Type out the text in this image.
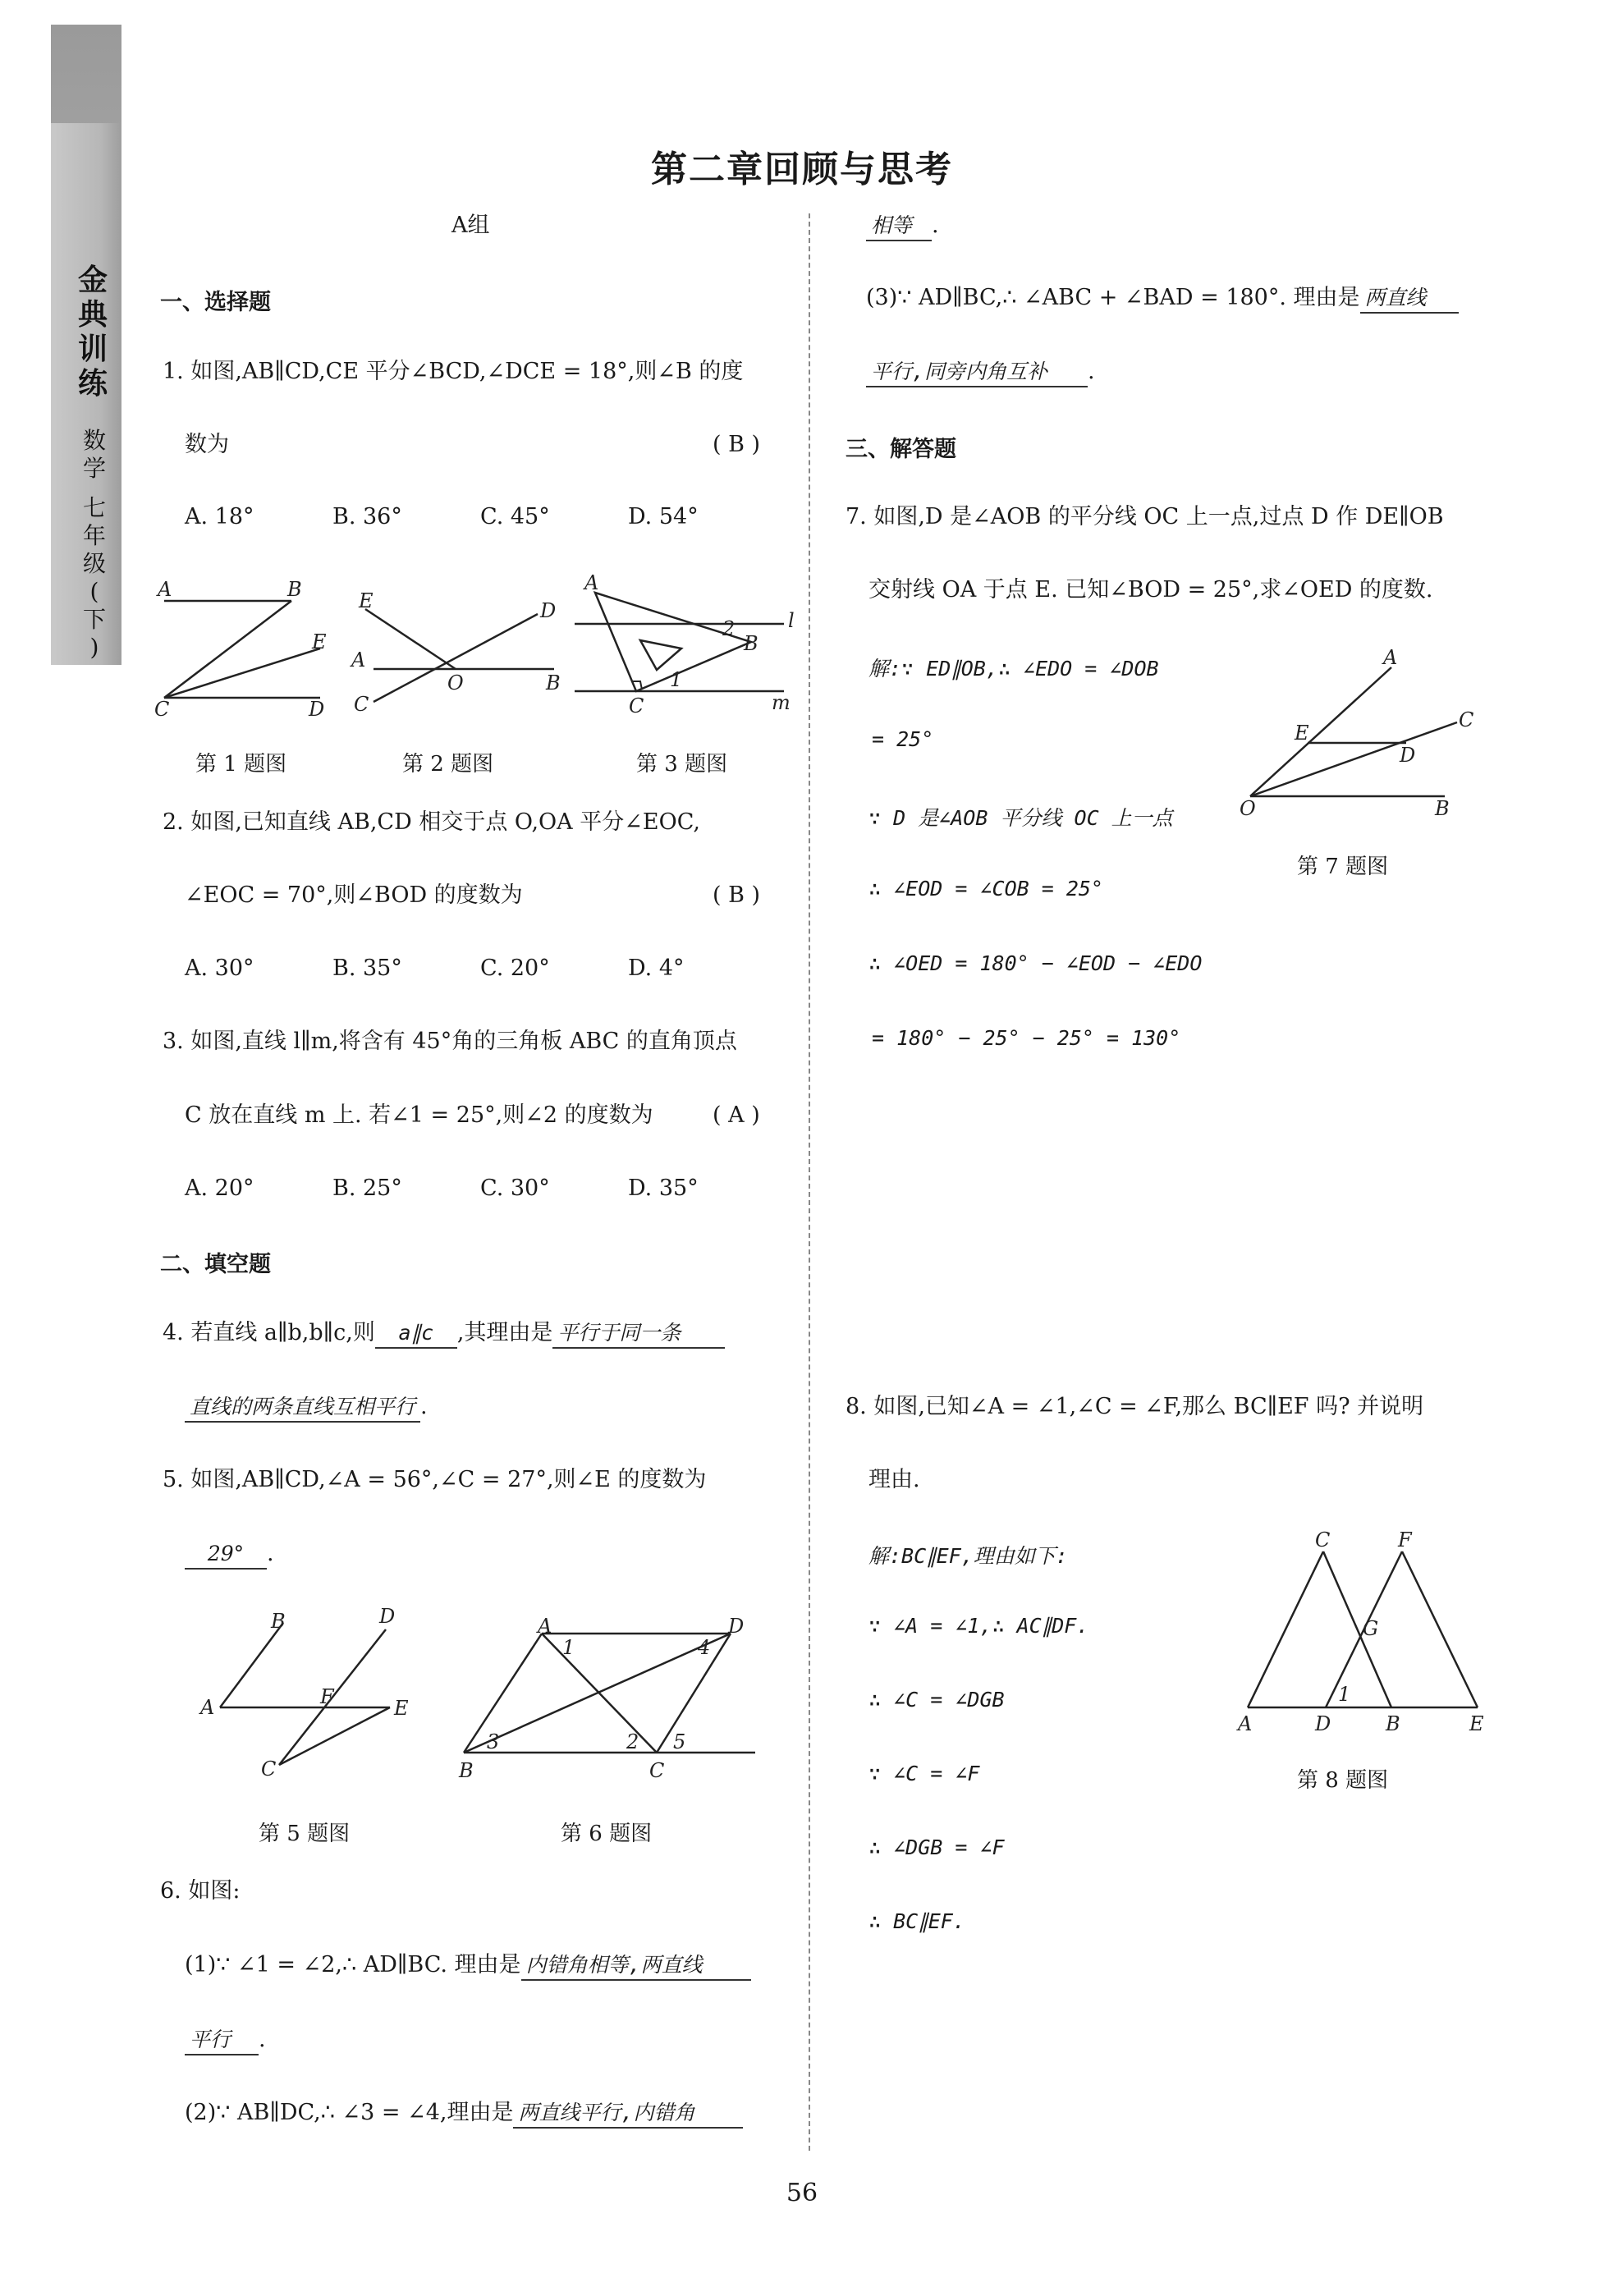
金
典
训
练
数
学
七
年
级
(
下
)
第二章回顾与思考
A组
一、选择题
1. 如图,AB∥CD,CE 平分∠BCD,∠DCE = 18°,则∠B 的度
数为	( B )
A. 18°	B. 36°	C. 45°	D. 54°
A	B
E
C	D
E	D
A
O	B
C
A
2
B
l
1
C	m
第 1 题图	第 2 题图	第 3 题图
2. 如图,已知直线 AB,CD 相交于点 O,OA 平分∠EOC,
∠EOC = 70°,则∠BOD 的度数为	( B )
A. 30°	B. 35°	C. 20°	D. 4°
3. 如图,直线 l∥m,将含有 45°角的三角板 ABC 的直角顶点
C 放在直线 m 上. 若∠1 = 25°,则∠2 的度数为	( A )
A. 20°	B. 25°	C. 30°	D. 35°
二、填空题
4. 若直线 a∥b,b∥c,则 a∥c ,其理由是 平行于同一条
直线的两条直线互相平行 .
5. 如图,AB∥CD,∠A = 56°,∠C = 27°,则∠E 的度数为
29° .
B	D
A	F	E
C
A	D
1	4
3	2 5
B	C
第 5 题图	第 6 题图
6. 如图:
(1)∵ ∠1 = ∠2,∴ AD∥BC. 理由是 内错角相等,两直线
平行 .
(2)∵ AB∥DC,∴ ∠3 = ∠4,理由是 两直线平行,内错角
相等 .
(3)∵ AD∥BC,∴ ∠ABC + ∠BAD = 180°. 理由是 两直线
平行,同旁内角互补 .
三、解答题
7. 如图,D 是∠AOB 的平分线 OC 上一点,过点 D 作 DE∥OB
交射线 OA 于点 E. 已知∠BOD = 25°,求∠OED 的度数.
解:∵ ED∥OB,∴ ∠EDO = ∠DOB
= 25°
∵ D 是∠AOB 平分线 OC 上一点
∴ ∠EOD = ∠COB = 25°
∴ ∠OED = 180° − ∠EOD − ∠EDO
= 180° − 25° − 25° = 130°
A
C
E
D
O	B
第 7 题图
8. 如图,已知∠A = ∠1,∠C = ∠F,那么 BC∥EF 吗? 并说明
理由.
解:BC∥EF,理由如下:
∵ ∠A = ∠1,∴ AC∥DF.
∴ ∠C = ∠DGB
∵ ∠C = ∠F
∴ ∠DGB = ∠F
∴ BC∥EF.
C	F
G
1
A	D	B	E
第 8 题图
56
